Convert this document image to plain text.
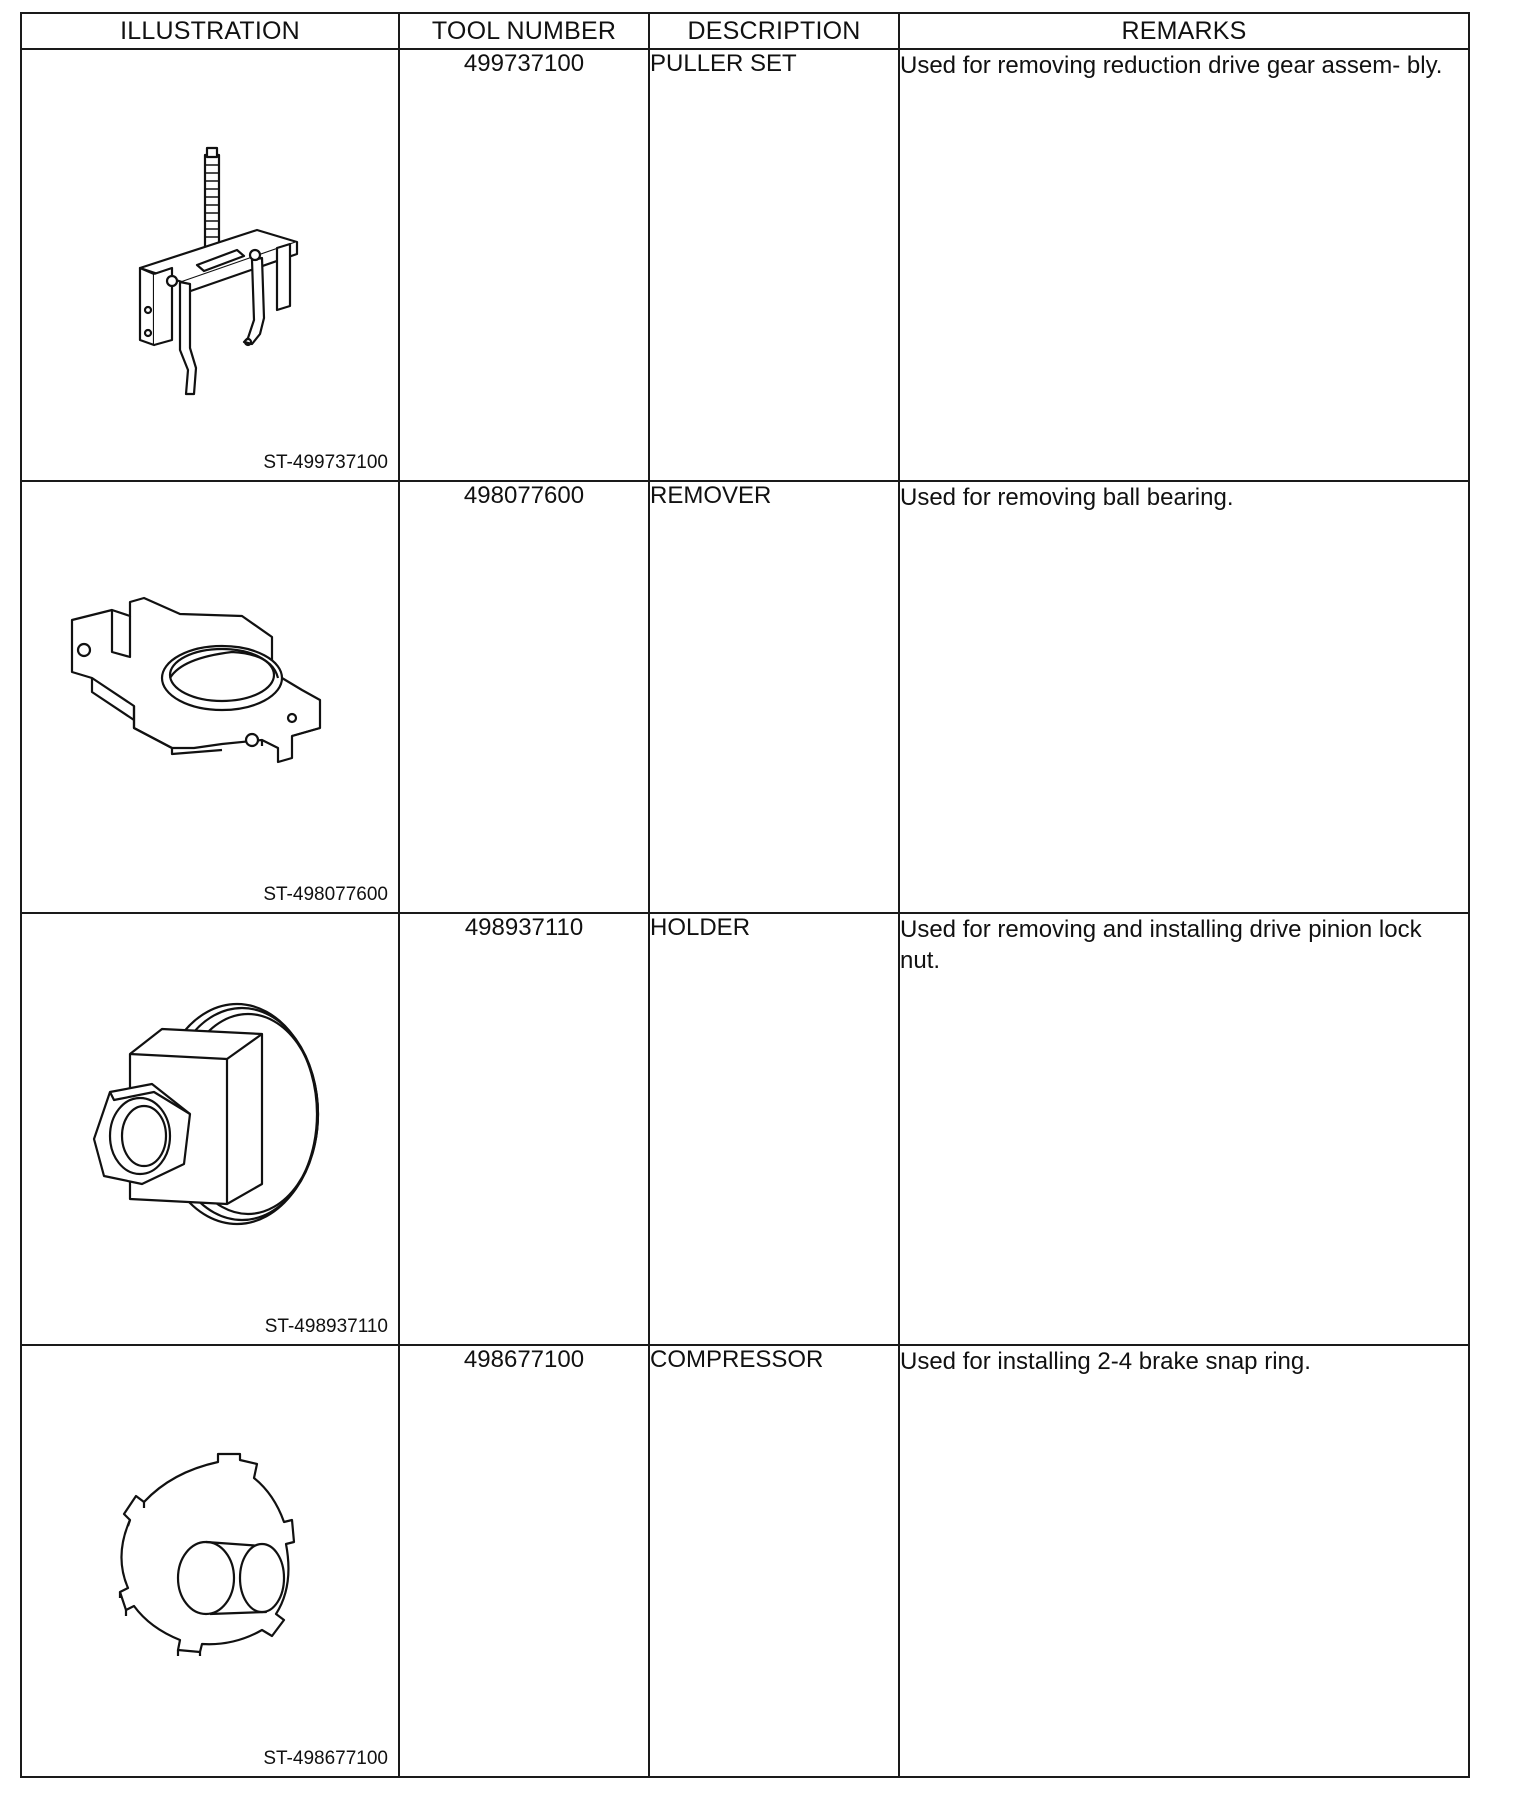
ILLUSTRATION	TOOL NUMBER	DESCRIPTION	REMARKS

ST-499737100	499737100	PULLER SET	Used for removing reduction drive gear assem- bly.

ST-498077600	498077600	REMOVER	Used for removing ball bearing.

ST-498937110	498937110	HOLDER	Used for removing and installing drive pinion lock nut.

ST-498677100	498677100	COMPRESSOR	Used for installing 2-4 brake snap ring.
